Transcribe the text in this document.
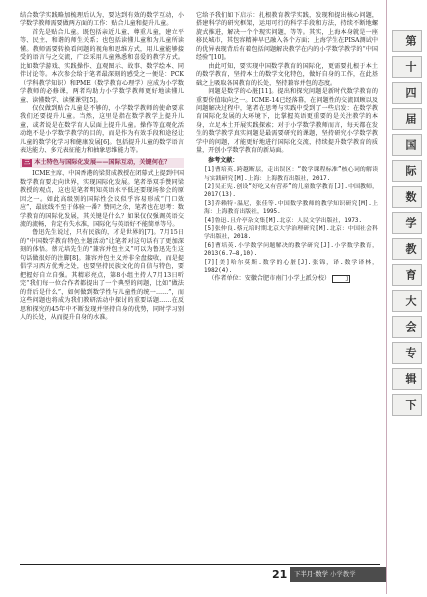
结合数学实践略加梳理后认为，要达到有效的数学互动，小学数学教师需要做两方面的工作：贴合儿童和提升儿童。

首先是贴合儿童。既包括亲近儿童、尊重儿童，建立平等、民主、和谐的师生关系；也包括读懂儿童和为儿童所读懂。教师需要转换看问题的视角和思维方式，用儿童能够接受的语言与之交流，广泛采用儿童熟悉和喜爱的教学方式。比如数学游戏、实践操作、直观图示、故事、数学绘本、同伴讨论等。本次参会给于笔者最深刻的感受之一便是：PCK（学科教学知识）和PME（数学教育心理学）应成为小学数学教师的必修课，两者均助力小学数学教师更好地读懂儿童、读懂数学、读懂课堂[5]。

仅仅做到贴合儿童是不够的，小学数学教师的使命要求我们还要提升儿童。当然，这里是指在数学教学上提升儿童，或者说是在数学育人层面上提升儿童。操作等直观化活动绝不是小学数学教学的目的，而是作为有效手段和途径让儿童的数学化学习和健康发展[6]。包括提升儿童的数学语言表达能力、多元表征能力和抽象思维能力等。

三 本土特色与国际化发展——国际互动，关键何在？

ICME主席、中国香港的梁贯成教授在闭幕式上提到中国数学教育要走向世界，实现国际化发展。笔者举双手赞同梁教授的观点，这也是笔者明知英语水平低还要现场参会的原因之一。如此高级别的国际性会议似乎容易形成“门口效应”，最底线不至于体验一番？赞同之余，笔者也在思考：数学教育的国际化发展，其关键是什么？如果仅仅强调英语交流的流畅，肯定有失水准，国际化与英语好不能简单等号。

鲁迅先生说过，只有民族的，才是世界的[7]。7月15日的“中国数学教育特色主题活动”让笔者对这句话有了更加深刻的体悟。蔡元培先生的“兼容并包主义”可以为鲁迅先生这句话做很好的注脚[8]。兼容并包主义并非全盘接收，而是提倡学习西方优秀之处，也要坚持民族文化的自信与特色，要把握好自立自强。其精彩亮点，第8小组主持人7月13日听完“我们每一位合作者都提出了一个典型的问题，比如“做法的背后是什么”，如何做到数学性与儿童性的统一……”，而这些问题也将成为我们教研活动中探讨的重要话题……在反思和探究的45年中不断发现并坚持自身的优势，同时学习别人的长处，从而提升自身的水准。

它给予我们如下启示：扎根教育教学实践，发现和提出核心问题，搭建科学的研究框架，运用可行的科学手段和方法，持续不断地螺旋式推进，解决一个个现实问题，等等。其实，上海本身就是一座移民城市，其包容精神早已融入各个方面；上海学生在PISA测试中的优异表现背后有着包括问题解决教学在内的小学数学教学的“中国经验”[10]。

由此可知，要实现中国数学教育的国际化，更需要扎根于本土的数学教育，坚持本土的数学文化特色，做好自身的工作，在此基础之上吸取各国教育的长处，坚持兼容并包的态度。

问题是数学的心脏[11]。提出和探究问题是新时代数学教育的重要价值取向之一。ICME-14已经落幕，在问题性的交流回顾以及问题解决过程中，笔者在思考与实践中受到了一些启发：在数学教育国际化发展的大环境下，比掌握英语更重要的是关注教学的本身，立足本土开展实践探索；对于小学数学教师而言，每天都在发生的数学教学真实问题是最需要研究的课题，坚持研究小学数学教学中的问题，才能更好地进行国际化交流，持续提升数学教育的质量，开创小学数学教育的新局面。

参考文献：

[1]曹培英.跨越断层，走出误区：“数学课程标准”核心词的解读与实践研究[M].上海：上海教育出版社，2017.

[2]吴正宪.创设“好吃又有营养”的儿童数学教育[J].中国教师，2017(13).

[3]乔赖特·温尼，张佳等.中国数学教师的教学知识研究[M].上海：上海教育出版社，1995.

[4]鲁迅.且介亭杂文集[M].北京：人民文学出版社，1973.

[5]张仲良.蔡元培时期北京大学治理研究[M].北京：中国社会科学出版社，2018.

[6]曹培英.小学数学问题解决的教学研究[J].小学数学教育，2013(6.7—8,10).

[7][美]哈尔莫斯.数学的心脏[J].张锦，译.数学译林，1982(4).

（作者单位：安徽合肥市南门小学上派分校）	J

第
十
四
届
国
际
数
学
教
育
大
会
专
辑
下
21	下半月·数学 小学教学
2021.12
